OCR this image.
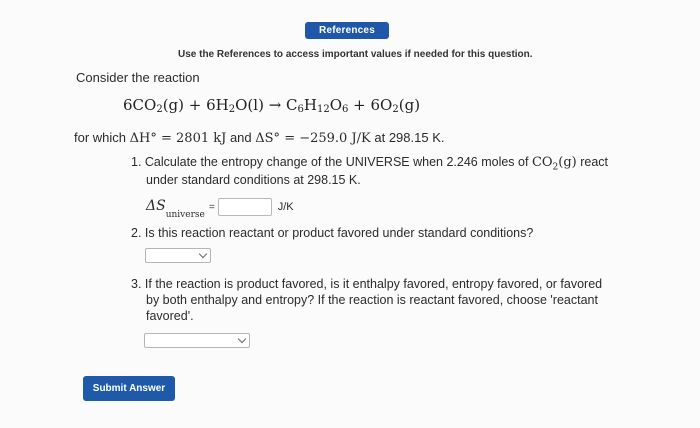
References
Use the References to access important values if needed for this question.
Consider the reaction
$6CO_2(g) + 6H_2O(l) \to C_6H_{12}O_6 + 6O_2(g)$
for which ΔH° = 2801 kJ and ΔS° = −259.0 J/K at 298.15 K.
1. Calculate the entropy change of the UNIVERSE when 2.246 moles of $CO_2(g)$ react
under standard conditions at 298.15 K.
$\Delta S_{universe}$
=	J/K
2. Is this reaction reactant or product favored under standard conditions?
3. If the reaction is product favored, is it enthalpy favored, entropy favored, or favored
by both enthalpy and entropy? If the reaction is reactant favored, choose 'reactant
favored'.
Submit Answer
